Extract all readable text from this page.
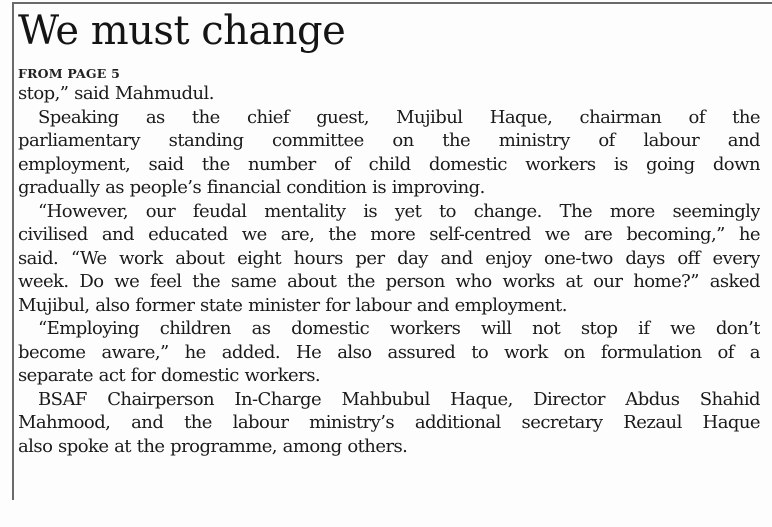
We must change
FROM PAGE 5
stop,” said Mahmudul.
Speaking as the chief guest, Mujibul Haque, chairman of the
parliamentary standing committee on the ministry of labour and
employment, said the number of child domestic workers is going down
gradually as people’s financial condition is improving.
“However, our feudal mentality is yet to change. The more seemingly
civilised and educated we are, the more self-centred we are becoming,” he
said. “We work about eight hours per day and enjoy one-two days off every
week. Do we feel the same about the person who works at our home?” asked
Mujibul, also former state minister for labour and employment.
“Employing children as domestic workers will not stop if we don’t
become aware,” he added. He also assured to work on formulation of a
separate act for domestic workers.
BSAF Chairperson In-Charge Mahbubul Haque, Director Abdus Shahid
Mahmood, and the labour ministry’s additional secretary Rezaul Haque
also spoke at the programme, among others.
